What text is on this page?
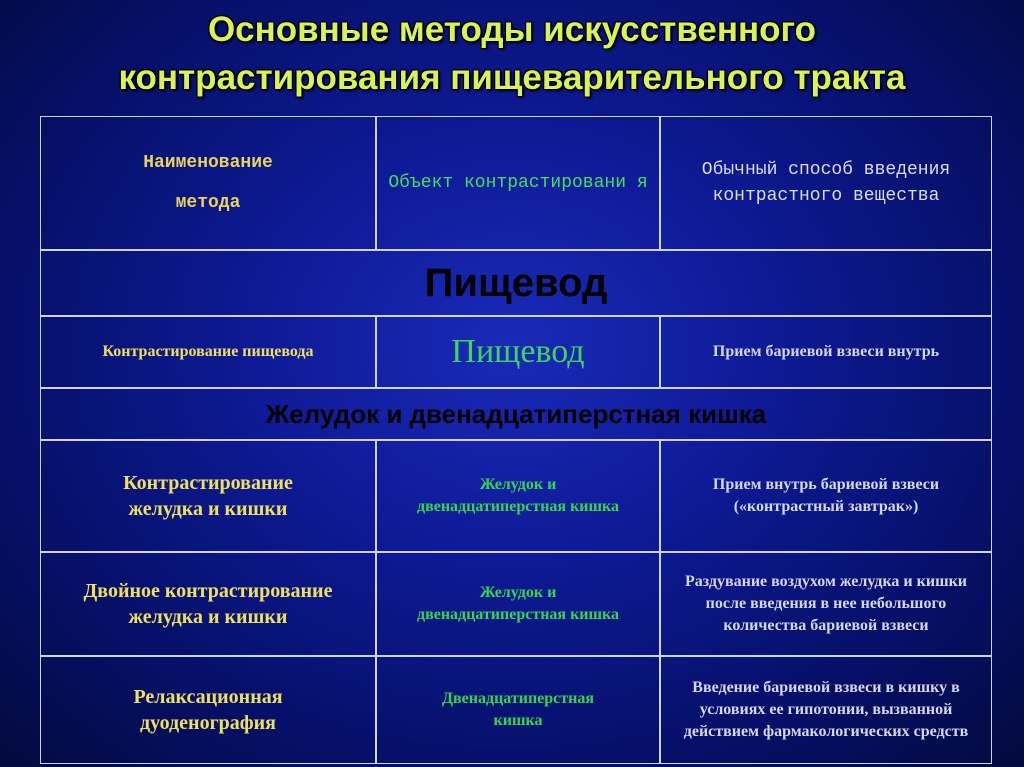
Основные методы искусственного
контрастирования пищеварительного тракта
Наименование
метода
Объект контрастировани я
Обычный способ введения контрастного вещества
Пищевод
Контрастирование пищевода	Пищевод	Прием бариевой взвеси внутрь
Желудок и двенадцатиперстная кишка
Контрастирование желудка и кишки
Желудок и двенадцатиперстная кишка
Прием внутрь бариевой взвеси («контрастный завтрак»)
Двойное контрастирование желудка и кишки
Желудок и двенадцатиперстная кишка
Раздувание воздухом желудка и кишки после введения в нее небольшого количества бариевой взвеси
Релаксационная дуоденография
Двенадцатиперстная кишка
Введение бариевой взвеси в кишку в условиях ее гипотонии, вызванной действием фармакологических средств
